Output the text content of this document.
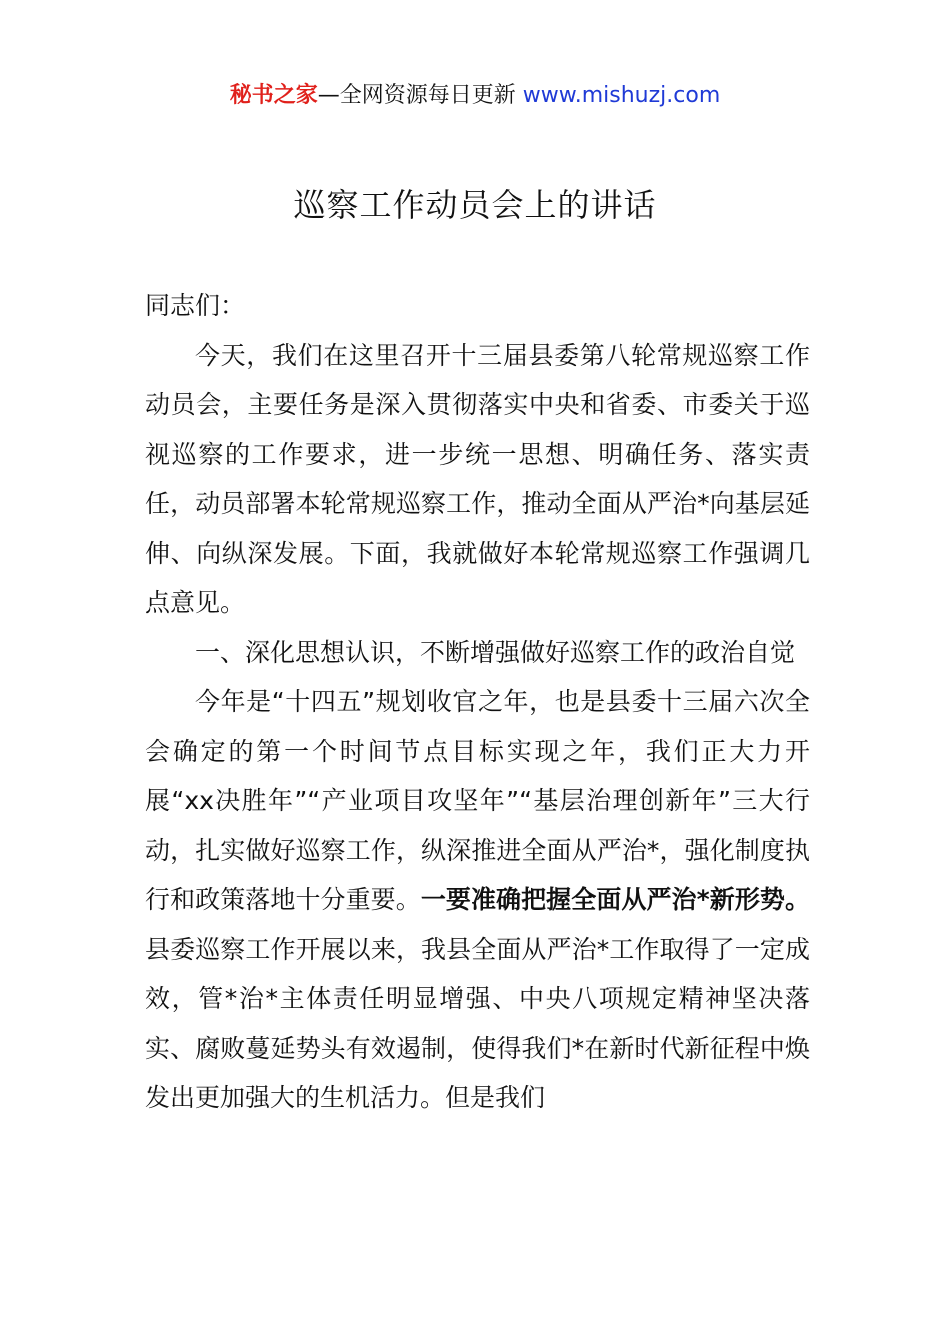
秘书之家—全网资源每日更新 www.mishuzj.com
巡察工作动员会上的讲话

同志们：

今天，我们在这里召开十三届县委第八轮常规巡察工作动员会，主要任务是深入贯彻落实中央和省委、市委关于巡视巡察的工作要求，进一步统一思想、明确任务、落实责任，动员部署本轮常规巡察工作，推动全面从严治*向基层延伸、向纵深发展。下面，我就做好本轮常规巡察工作强调几点意见。

一、深化思想认识，不断增强做好巡察工作的政治自觉

今年是“十四五”规划收官之年，也是县委十三届六次全会确定的第一个时间节点目标实现之年，我们正大力开展“xx决胜年”“产业项目攻坚年”“基层治理创新年”三大行动，扎实做好巡察工作，纵深推进全面从严治*，强化制度执行和政策落地十分重要。一要准确把握全面从严治*新形势。县委巡察工作开展以来，我县全面从严治*工作取得了一定成效，管*治*主体责任明显增强、中央八项规定精神坚决落实、腐败蔓延势头有效遏制，使得我们*在新时代新征程中焕发出更加强大的生机活力。但是我们
